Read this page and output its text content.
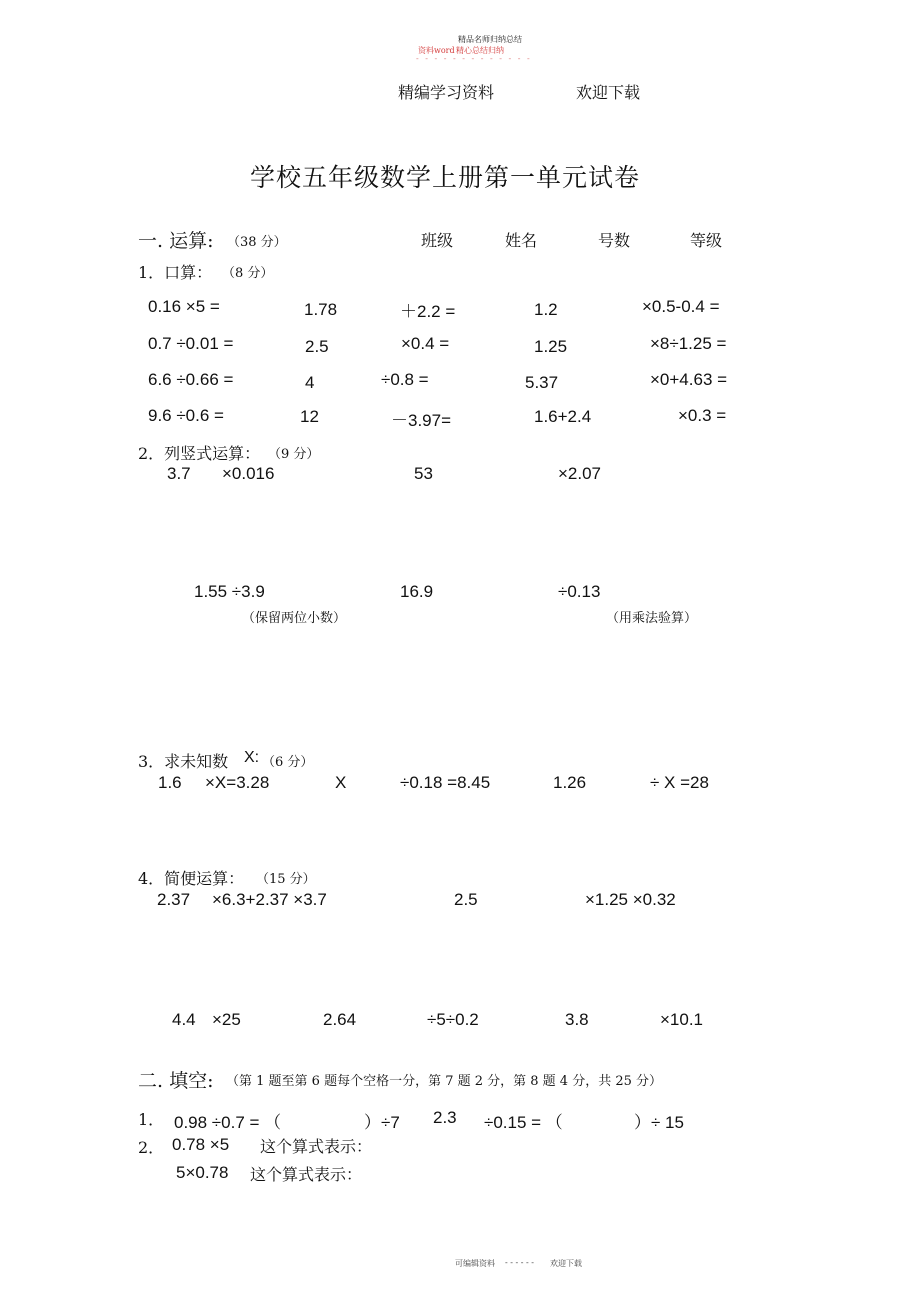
精品名师归纳总结
资料word 精心总结归纳
- - - - - - - - - - - - -
精编学习资料	欢迎下载
学校五年级数学上册第一单元试卷
一. 运算: （38 分）	班级	姓名	号数	等级
1．口算： （8 分）
0.16 ×5 =	1.78	＋2.2 =	1.2	×0.5-0.4 =
0.7 ÷0.01 =	2.5	×0.4 =	1.25	×8÷1.25 =
6.6 ÷0.66 =	4	÷0.8 =	5.37	×0+4.63 =
9.6 ÷0.6 =	12	－3.97=	1.6+2.4	×0.3 =
2．列竖式运算： （9 分）
3.7 ×0.016	53	×2.07
1.55 ÷3.9	16.9	÷0.13
（保留两位小数）	（用乘法验算）
3．求未知数 X: （6 分）
1.6 ×X=3.28	X	÷0.18 =8.45	1.26	÷ X =28
4．简便运算： （15 分）
2.37 ×6.3+2.37 ×3.7	2.5	×1.25 ×0.32
4.4 ×25	2.64	÷5÷0.2	3.8	×10.1
二. 填空: （第 1 题至第 6 题每个空格一分，第 7 题 2 分，第 8 题 4 分，共 25 分）
1． 0.98 ÷0.7 = （	）÷7 2.3 ÷0.15 = （	）÷ 15
2． 0.78 ×5 这个算式表示：
5×0.78 这个算式表示：
可编辑资料 - - - - - - 欢迎下载
